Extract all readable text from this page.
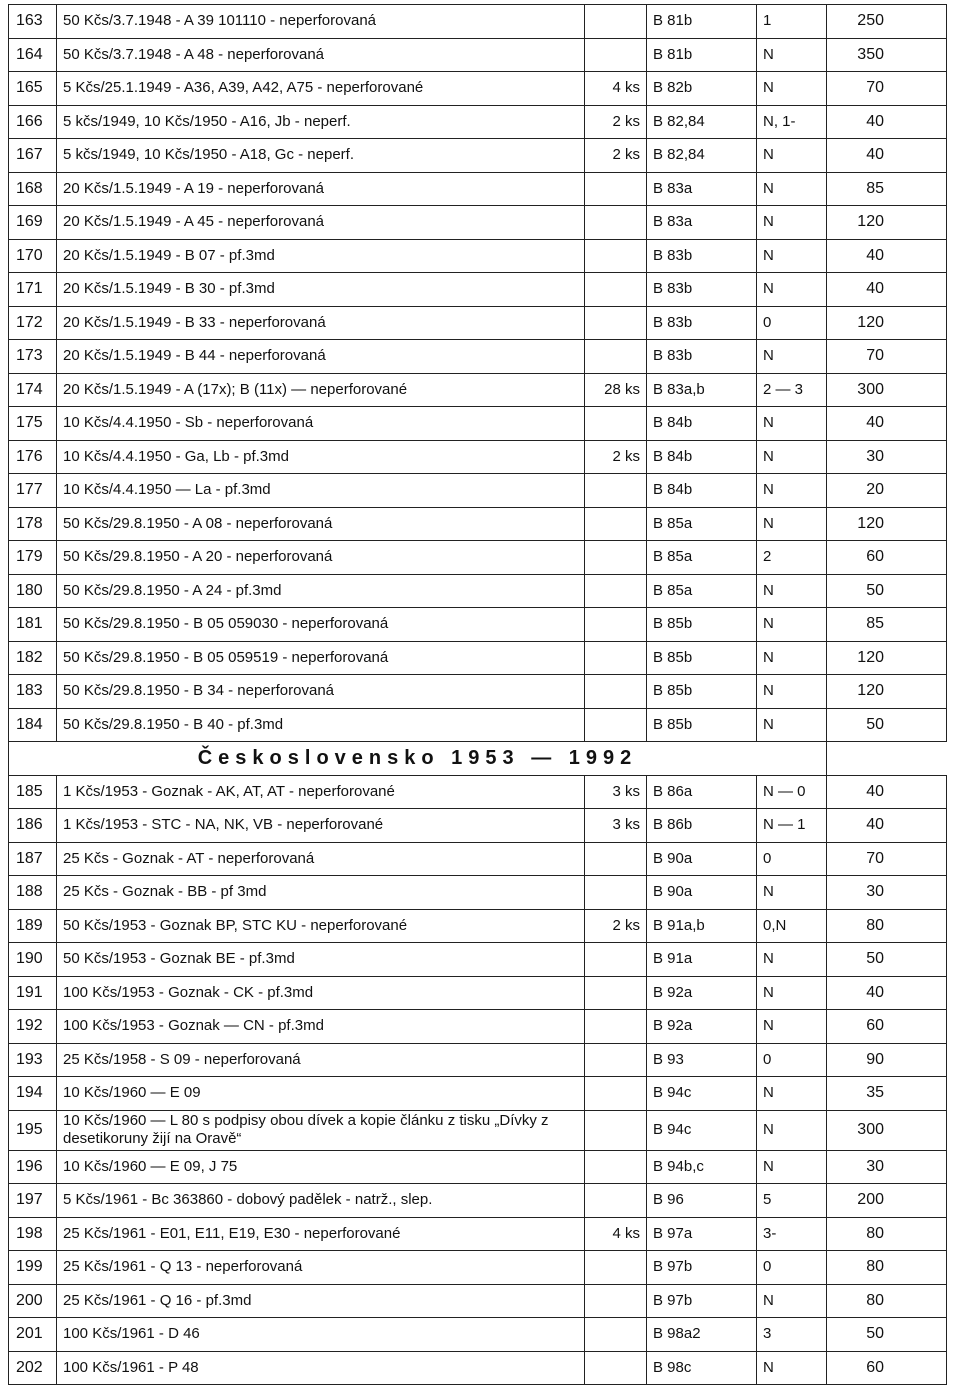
163	50 Kčs/3.7.1948 - A 39 101110 - neperforovaná		B 81b	1	250
164	50 Kčs/3.7.1948 - A 48 - neperforovaná		B 81b	N	350
165	5 Kčs/25.1.1949 - A36, A39, A42, A75 - neperforované	4 ks	B 82b	N	70
166	5 kčs/1949, 10 Kčs/1950 - A16, Jb - neperf.	2 ks	B 82,84	N, 1-	40
167	5 kčs/1949, 10 Kčs/1950 - A18, Gc - neperf.	2 ks	B 82,84	N	40
168	20 Kčs/1.5.1949 - A 19 - neperforovaná		B 83a	N	85
169	20 Kčs/1.5.1949 - A 45 - neperforovaná		B 83a	N	120
170	20 Kčs/1.5.1949 - B 07 - pf.3md		B 83b	N	40
171	20 Kčs/1.5.1949 - B 30 - pf.3md		B 83b	N	40
172	20 Kčs/1.5.1949 - B 33 - neperforovaná		B 83b	0	120
173	20 Kčs/1.5.1949 - B 44 - neperforovaná		B 83b	N	70
174	20 Kčs/1.5.1949 - A (17x); B (11x) — neperforované	28 ks	B 83a,b	2 — 3	300
175	10 Kčs/4.4.1950 - Sb - neperforovaná		B 84b	N	40
176	10 Kčs/4.4.1950 - Ga, Lb - pf.3md	2 ks	B 84b	N	30
177	10 Kčs/4.4.1950 — La - pf.3md		B 84b	N	20
178	50 Kčs/29.8.1950 - A 08 - neperforovaná		B 85a	N	120
179	50 Kčs/29.8.1950 - A 20 - neperforovaná		B 85a	2	60
180	50 Kčs/29.8.1950 - A 24 - pf.3md		B 85a	N	50
181	50 Kčs/29.8.1950 - B 05 059030 - neperforovaná		B 85b	N	85
182	50 Kčs/29.8.1950 - B 05 059519 - neperforovaná		B 85b	N	120
183	50 Kčs/29.8.1950 - B 34 - neperforovaná		B 85b	N	120
184	50 Kčs/29.8.1950 - B 40 - pf.3md		B 85b	N	50
Československo 1953 — 1992					
185	1 Kčs/1953 - Goznak - AK, AT, AT - neperforované	3 ks	B 86a	N — 0	40
186	1 Kčs/1953 - STC - NA, NK, VB - neperforované	3 ks	B 86b	N — 1	40
187	25 Kčs - Goznak - AT - neperforovaná		B 90a	0	70
188	25 Kčs - Goznak - BB - pf 3md		B 90a	N	30
189	50 Kčs/1953 - Goznak BP, STC KU - neperforované	2 ks	B 91a,b	0,N	80
190	50 Kčs/1953 - Goznak BE - pf.3md		B 91a	N	50
191	100 Kčs/1953 - Goznak - CK - pf.3md		B 92a	N	40
192	100 Kčs/1953 - Goznak — CN - pf.3md		B 92a	N	60
193	25 Kčs/1958 - S 09 - neperforovaná		B 93	0	90
194	10 Kčs/1960 — E 09		B 94c	N	35
195	10 Kčs/1960 — L 80 s podpisy obou dívek a kopie článku z tisku „Dívky z desetikoruny žijí na Oravě“		B 94c	N	300
196	10 Kčs/1960 — E 09, J 75		B 94b,c	N	30
197	5 Kčs/1961 - Bc 363860 - dobový padělek - natrž., slep.		B 96	5	200
198	25 Kčs/1961 - E01, E11, E19, E30 - neperforované	4 ks	B 97a	3-	80
199	25 Kčs/1961 - Q 13 - neperforovaná		B 97b	0	80
200	25 Kčs/1961 - Q 16 - pf.3md		B 97b	N	80
201	100 Kčs/1961 - D 46		B 98a2	3	50
202	100 Kčs/1961 - P 48		B 98c	N	60
